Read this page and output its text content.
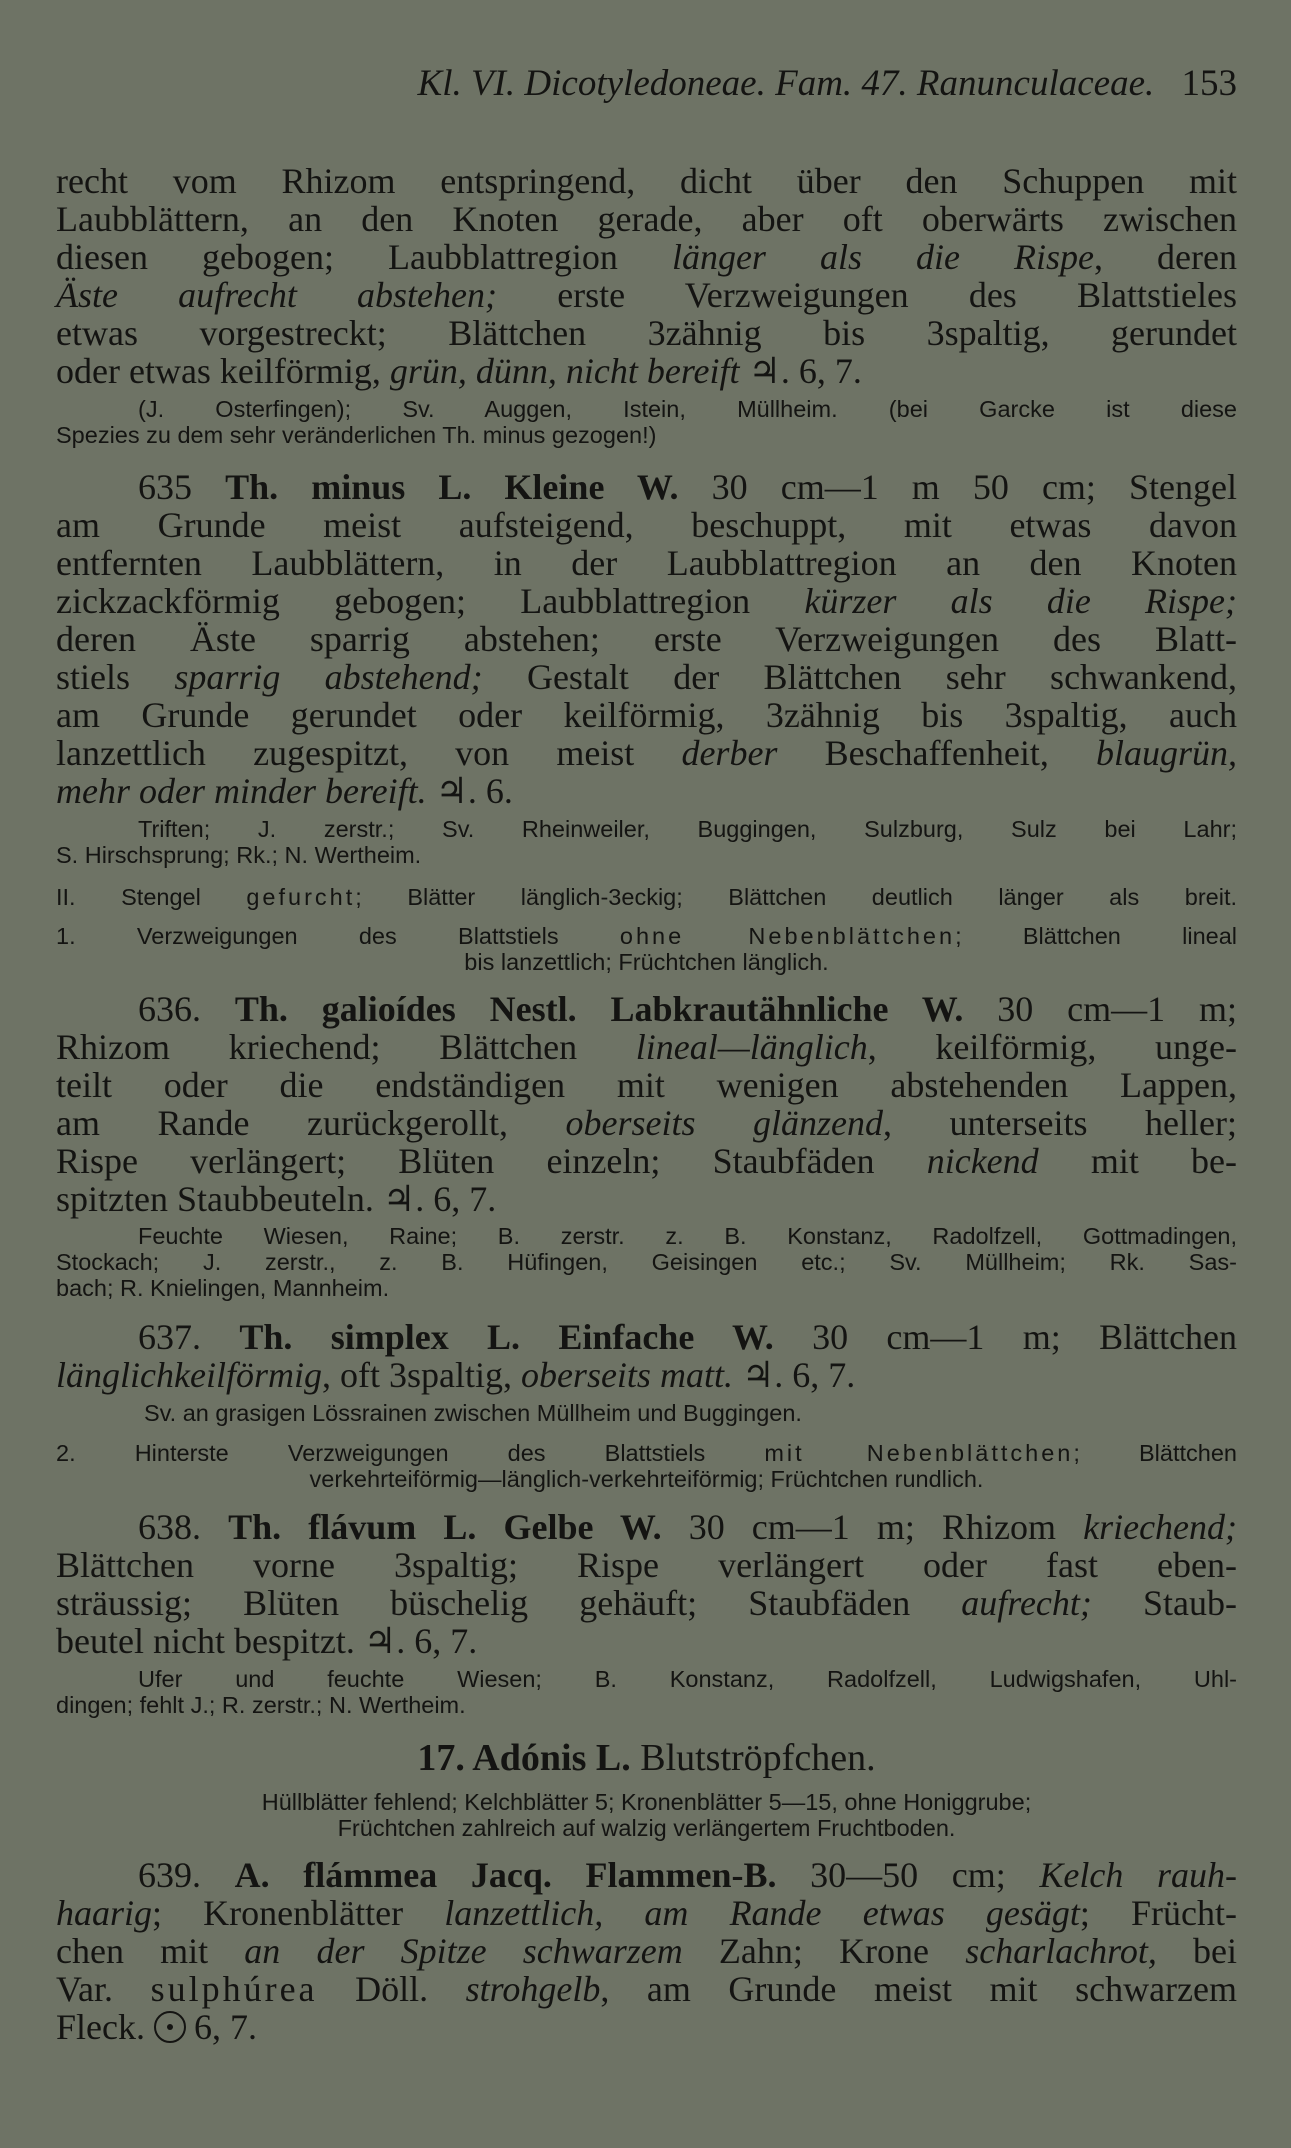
Kl. VI. Dicotyledoneae. Fam. 47. Ranunculaceae. 153
recht vom Rhizom entspringend, dicht über den Schuppen mit
Laubblättern, an den Knoten gerade, aber oft oberwärts zwischen
diesen gebogen; Laubblattregion länger als die Rispe, deren
Äste aufrecht abstehen; erste Verzweigungen des Blattstieles
etwas vorgestreckt; Blättchen 3zähnig bis 3spaltig, gerundet
oder etwas keilförmig, grün, dünn, nicht bereift ♃. 6, 7.
(J. Osterfingen); Sv. Auggen, Istein, Müllheim. (bei Garcke ist diese
Spezies zu dem sehr veränderlichen Th. minus gezogen!)
635 Th. minus L. Kleine W. 30 cm—1 m 50 cm; Stengel
am Grunde meist aufsteigend, beschuppt, mit etwas davon
entfernten Laubblättern, in der Laubblattregion an den Knoten
zickzackförmig gebogen; Laubblattregion kürzer als die Rispe;
deren Äste sparrig abstehen; erste Verzweigungen des Blatt-
stiels sparrig abstehend; Gestalt der Blättchen sehr schwankend,
am Grunde gerundet oder keilförmig, 3zähnig bis 3spaltig, auch
lanzettlich zugespitzt, von meist derber Beschaffenheit, blaugrün,
mehr oder minder bereift. ♃. 6.
Triften; J. zerstr.; Sv. Rheinweiler, Buggingen, Sulzburg, Sulz bei Lahr;
S. Hirschsprung; Rk.; N. Wertheim.
II. Stengel gefurcht; Blätter länglich-3eckig; Blättchen deutlich länger als breit.
1. Verzweigungen des Blattstiels ohne Nebenblättchen; Blättchen lineal
bis lanzettlich; Früchtchen länglich.
636. Th. galioídes Nestl. Labkrautähnliche W. 30 cm—1 m;
Rhizom kriechend; Blättchen lineal—länglich, keilförmig, unge-
teilt oder die endständigen mit wenigen abstehenden Lappen,
am Rande zurückgerollt, oberseits glänzend, unterseits heller;
Rispe verlängert; Blüten einzeln; Staubfäden nickend mit be-
spitzten Staubbeuteln. ♃. 6, 7.
Feuchte Wiesen, Raine; B. zerstr. z. B. Konstanz, Radolfzell, Gottmadingen,
Stockach; J. zerstr., z. B. Hüfingen, Geisingen etc.; Sv. Müllheim; Rk. Sas-
bach; R. Knielingen, Mannheim.
637. Th. simplex L. Einfache W. 30 cm—1 m; Blättchen
länglichkeilförmig, oft 3spaltig, oberseits matt. ♃. 6, 7.
Sv. an grasigen Lössrainen zwischen Müllheim und Buggingen.
2. Hinterste Verzweigungen des Blattstiels mit Nebenblättchen; Blättchen
verkehrteiförmig—länglich-verkehrteiförmig; Früchtchen rundlich.
638. Th. flávum L. Gelbe W. 30 cm—1 m; Rhizom kriechend;
Blättchen vorne 3spaltig; Rispe verlängert oder fast eben-
sträussig; Blüten büschelig gehäuft; Staubfäden aufrecht; Staub-
beutel nicht bespitzt. ♃. 6, 7.
Ufer und feuchte Wiesen; B. Konstanz, Radolfzell, Ludwigshafen, Uhl-
dingen; fehlt J.; R. zerstr.; N. Wertheim.
17. Adónis L. Blutströpfchen.
Hüllblätter fehlend; Kelchblätter 5; Kronenblätter 5—15, ohne Honiggrube;
Früchtchen zahlreich auf walzig verlängertem Fruchtboden.
639. A. flámmea Jacq. Flammen-B. 30—50 cm; Kelch rauh-
haarig; Kronenblätter lanzettlich, am Rande etwas gesägt; Frücht-
chen mit an der Spitze schwarzem Zahn; Krone scharlachrot, bei
Var. sulphúrea Döll. strohgelb, am Grunde meist mit schwarzem
Fleck. 6, 7.
